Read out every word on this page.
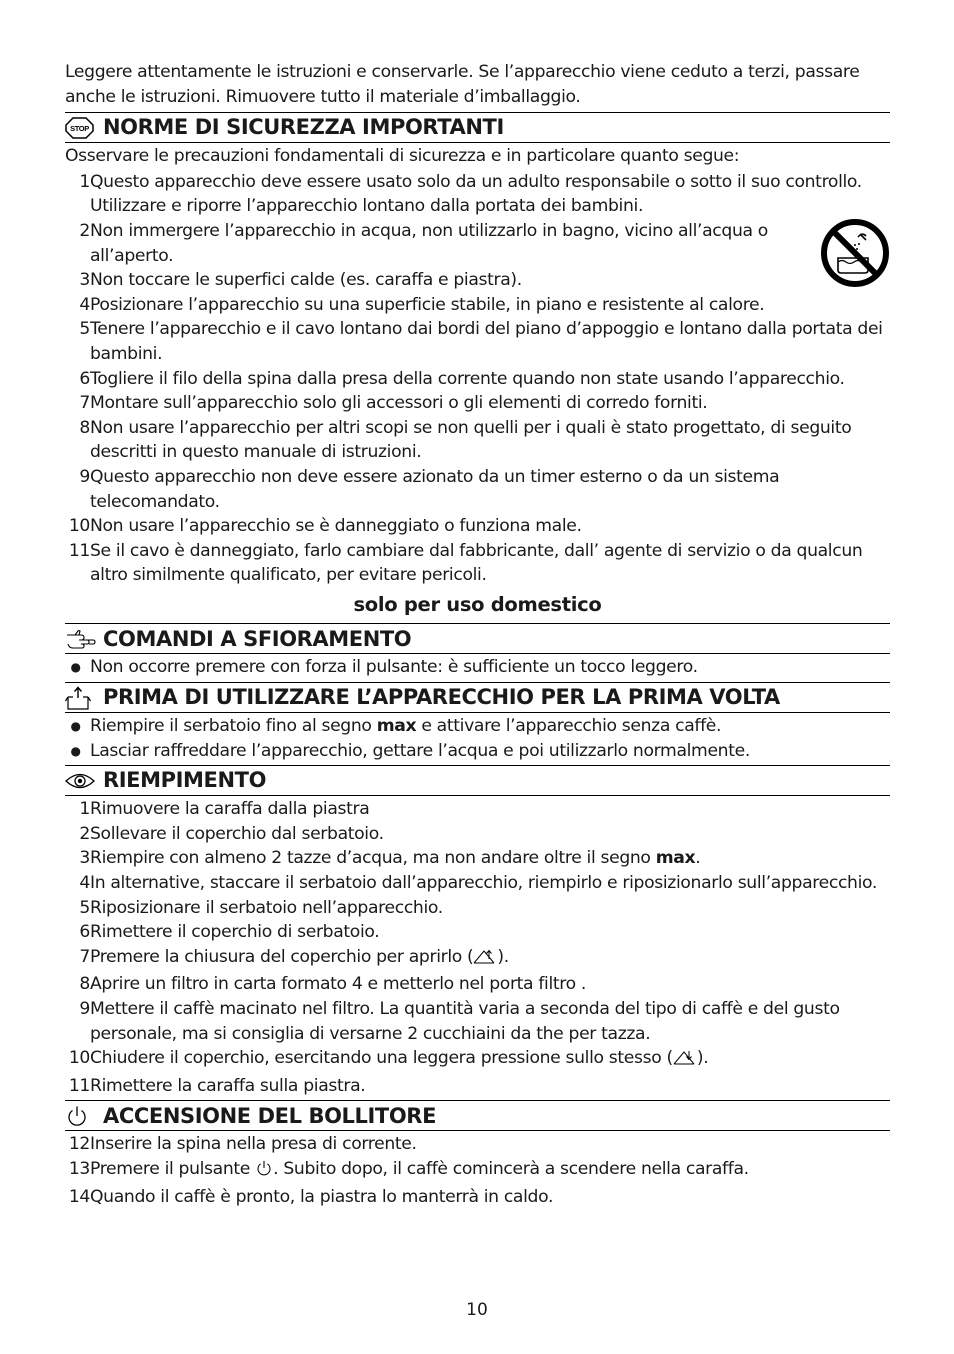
Leggere attentamente le istruzioni e conservarle. Se l’apparecchio viene ceduto a terzi, passare anche le istruzioni. Rimuovere tutto il materiale d’imballaggio.

STOP NORME DI SICUREZZA IMPORTANTI

Osservare le precauzioni fondamentali di sicurezza e in particolare quanto segue:

1 Questo apparecchio deve essere usato solo da un adulto responsabile o sotto il suo controllo. Utilizzare e riporre l’apparecchio lontano dalla portata dei bambini.
2 Non immergere l’apparecchio in acqua, non utilizzarlo in bagno, vicino all’acqua o all’aperto.
3 Non toccare le superfici calde (es. caraffa e piastra).
4 Posizionare l’apparecchio su una superficie stabile, in piano e resistente al calore.
5 Tenere l’apparecchio e il cavo lontano dai bordi del piano d’appoggio e lontano dalla portata dei bambini.
6 Togliere il filo della spina dalla presa della corrente quando non state usando l’apparecchio.
7 Montare sull’apparecchio solo gli accessori o gli elementi di corredo forniti.
8 Non usare l’apparecchio per altri scopi se non quelli per i quali è stato progettato, di seguito descritti in questo manuale di istruzioni.
9 Questo apparecchio non deve essere azionato da un timer esterno o da un sistema telecomandato.
10 Non usare l’apparecchio se è danneggiato o funziona male.
11 Se il cavo è danneggiato, farlo cambiare dal fabbricante, dall’ agente di servizio o da qualcun altro similmente qualificato, per evitare pericoli.

solo per uso domestico

COMANDI A SFIORAMENTO
● Non occorre premere con forza il pulsante: è sufficiente un tocco leggero.
PRIMA DI UTILIZZARE L’APPARECCHIO PER LA PRIMA VOLTA
● Riempire il serbatoio fino al segno max e attivare l’apparecchio senza caffè.
● Lasciar raffreddare l’apparecchio, gettare l’acqua e poi utilizzarlo normalmente.
RIEMPIMENTO
1 Rimuovere la caraffa dalla piastra
2 Sollevare il coperchio dal serbatoio.
3 Riempire con almeno 2 tazze d’acqua, ma non andare oltre il segno max.
4 In alternative, staccare il serbatoio dall’apparecchio, riempirlo e riposizionarlo sull’apparecchio.
5 Riposizionare il serbatoio nell’apparecchio.
6 Rimettere il coperchio di serbatoio.
7 Premere la chiusura del coperchio per aprirlo ( ).
8 Aprire un filtro in carta formato 4 e metterlo nel porta filtro .
9 Mettere il caffè macinato nel filtro. La quantità varia a seconda del tipo di caffè e del gusto personale, ma si consiglia di versarne 2 cucchiaini da the per tazza.
10 Chiudere il coperchio, esercitando una leggera pressione sullo stesso ( ).
11 Rimettere la caraffa sulla piastra.
ACCENSIONE DEL BOLLITORE
12 Inserire la spina nella presa di corrente.
13 Premere il pulsante . Subito dopo, il caffè comincerà a scendere nella caraffa.
14 Quando il caffè è pronto, la piastra lo manterrà in caldo.
10
